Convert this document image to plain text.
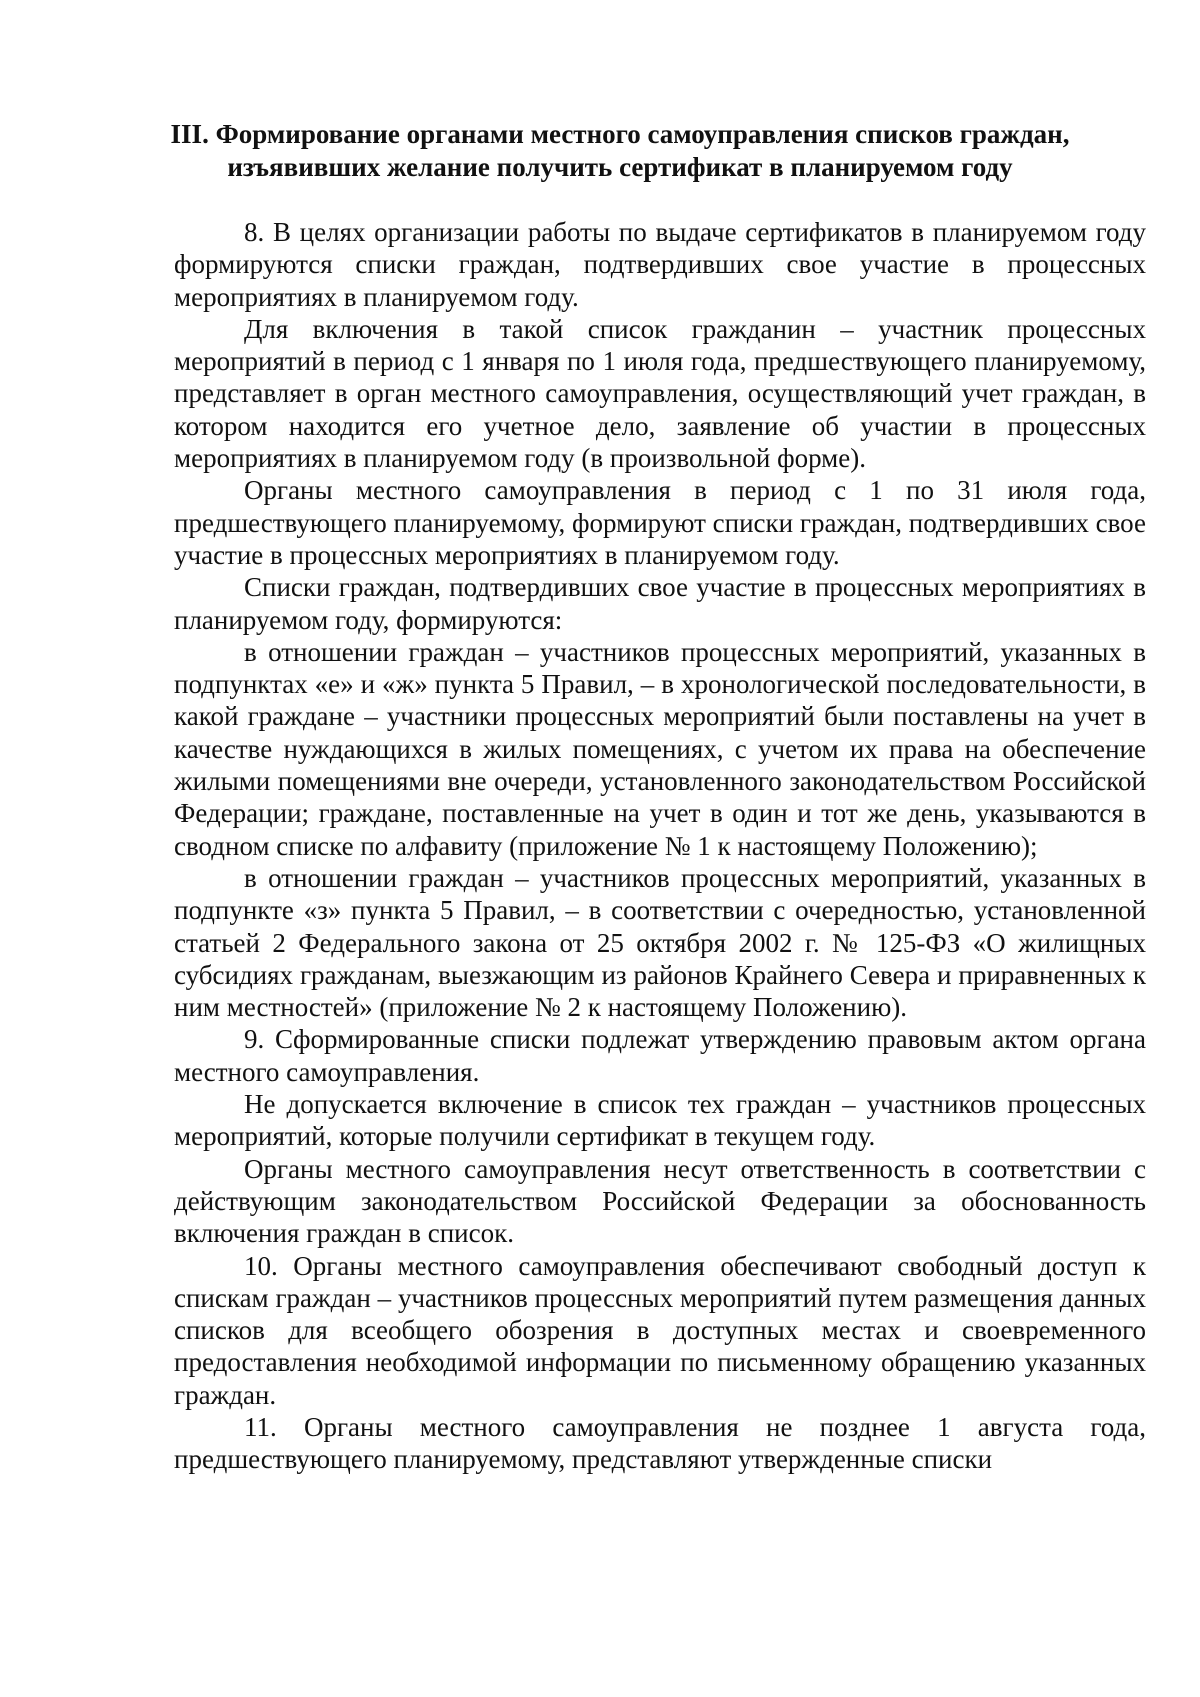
III. Формирование органами местного самоуправления списков граждан,
изъявивших желание получить сертификат в планируемом году

8. В целях организации работы по выдаче сертификатов в планируемом году формируются списки граждан, подтвердивших свое участие в процессных мероприятиях в планируемом году.

Для включения в такой список гражданин – участник процессных мероприятий в период с 1 января по 1 июля года, предшествующего планируемому, представляет в орган местного самоуправления, осуществляющий учет граждан, в котором находится его учетное дело, заявление об участии в процессных мероприятиях в планируемом году (в произвольной форме).

Органы местного самоуправления в период с 1 по 31 июля года, предшествующего планируемому, формируют списки граждан, подтвердивших свое участие в процессных мероприятиях в планируемом году.

Списки граждан, подтвердивших свое участие в процессных мероприятиях в планируемом году, формируются:

в отношении граждан – участников процессных мероприятий, указанных в подпунктах «е» и «ж» пункта 5 Правил, – в хронологической последовательности, в какой граждане – участники процессных мероприятий были поставлены на учет в качестве нуждающихся в жилых помещениях, с учетом их права на обеспечение жилыми помещениями вне очереди, установленного законодательством Российской Федерации; граждане, поставленные на учет в один и тот же день, указываются в сводном списке по алфавиту (приложение № 1 к настоящему Положению);

в отношении граждан – участников процессных мероприятий, указанных в подпункте «з» пункта 5 Правил, – в соответствии с очередностью, установленной статьей 2 Федерального закона от 25 октября 2002 г. № 125-ФЗ «О жилищных субсидиях гражданам, выезжающим из районов Крайнего Севера и приравненных к ним местностей» (приложение № 2 к настоящему Положению).

9. Сформированные списки подлежат утверждению правовым актом органа местного самоуправления.

Не допускается включение в список тех граждан – участников процессных мероприятий, которые получили сертификат в текущем году.

Органы местного самоуправления несут ответственность в соответствии с действующим законодательством Российской Федерации за обоснованность включения граждан в список.

10. Органы местного самоуправления обеспечивают свободный доступ к спискам граждан – участников процессных мероприятий путем размещения данных списков для всеобщего обозрения в доступных местах и своевременного предоставления необходимой информации по письменному обращению указанных граждан.

11. Органы местного самоуправления не позднее 1 августа года, предшествующего планируемому, представляют утвержденные списки
